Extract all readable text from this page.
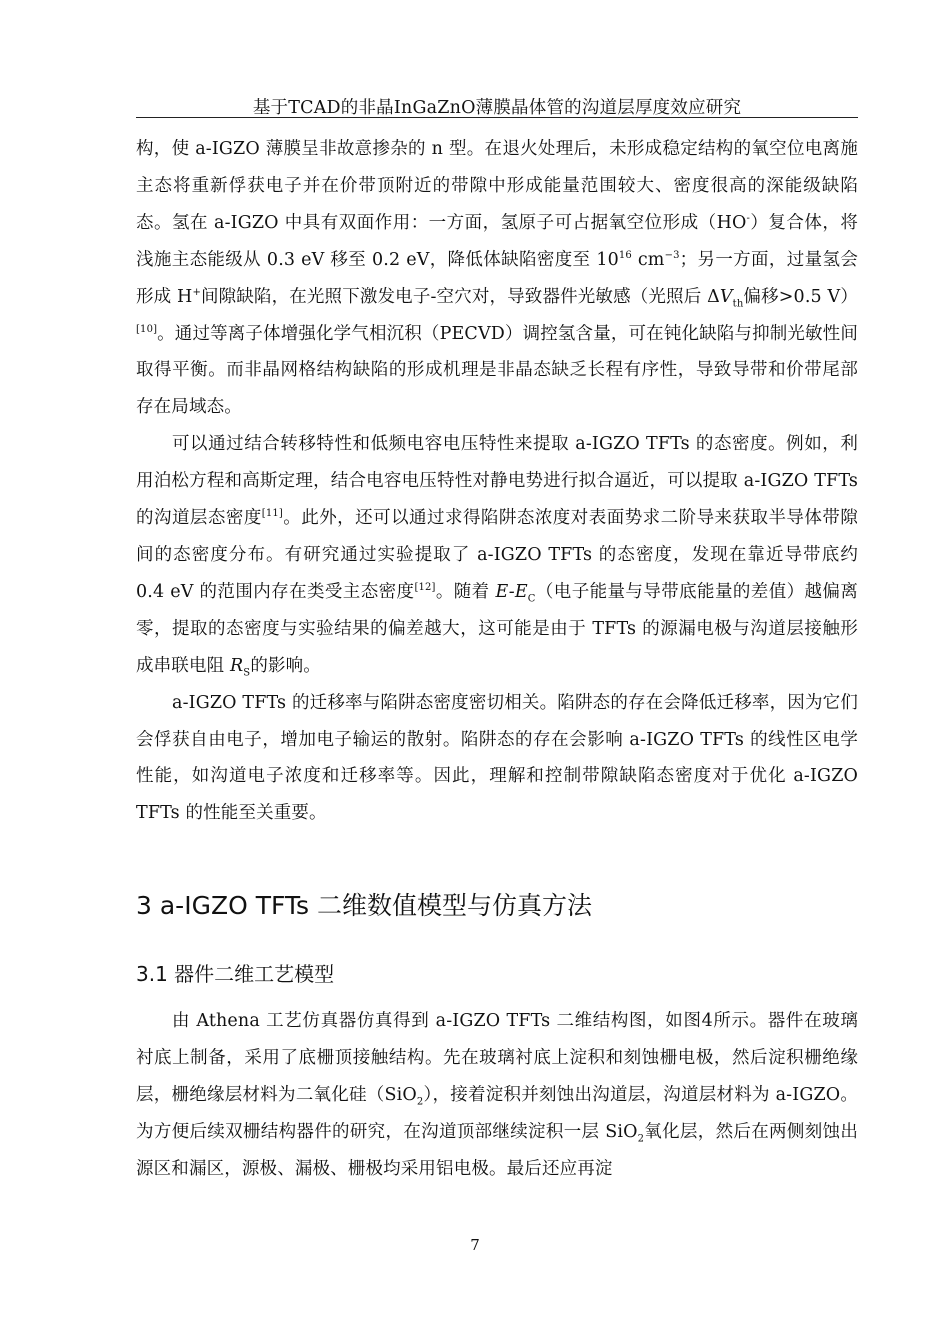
基于TCAD的非晶InGaZnO薄膜晶体管的沟道层厚度效应研究

构，使 a-IGZO 薄膜呈非故意掺杂的 n 型。在退火处理后，未形成稳定结构的氧空位电离施主态将重新俘获电子并在价带顶附近的带隙中形成能量范围较大、密度很高的深能级缺陷态。氢在 a-IGZO 中具有双面作用：一方面，氢原子可占据氧空位形成（HO-）复合体，将浅施主态能级从 0.3 eV 移至 0.2 eV，降低体缺陷密度至 $10^{16}$ $cm^{-3}$；另一方面，过量氢会形成 H+间隙缺陷，在光照下激发电子-空穴对，导致器件光敏感（光照后 $\Delta V_{th}$偏移>0.5 V）[10]。通过等离子体增强化学气相沉积（PECVD）调控氢含量，可在钝化缺陷与抑制光敏性间取得平衡。而非晶网格结构缺陷的形成机理是非晶态缺乏长程有序性，导致导带和价带尾部存在局域态。

可以通过结合转移特性和低频电容电压特性来提取 a-IGZO TFTs 的态密度。例如，利用泊松方程和高斯定理，结合电容电压特性对静电势进行拟合逼近，可以提取 a-IGZO TFTs 的沟道层态密度[11]。此外，还可以通过求得陷阱态浓度对表面势求二阶导来获取半导体带隙间的态密度分布。有研究通过实验提取了 a-IGZO TFTs 的态密度，发现在靠近导带底约 0.4 eV 的范围内存在类受主态密度[12]。随着 $E-E_C$（电子能量与导带底能量的差值）越偏离零，提取的态密度与实验结果的偏差越大，这可能是由于 TFTs 的源漏电极与沟道层接触形成串联电阻 $R_S$的影响。

a-IGZO TFTs 的迁移率与陷阱态密度密切相关。陷阱态的存在会降低迁移率，因为它们会俘获自由电子，增加电子输运的散射。陷阱态的存在会影响 a-IGZO TFTs 的线性区电学性能，如沟道电子浓度和迁移率等。因此，理解和控制带隙缺陷态密度对于优化 a-IGZO TFTs 的性能至关重要。

3 a-IGZO TFTs 二维数值模型与仿真方法
3.1 器件二维工艺模型

由 Athena 工艺仿真器仿真得到 a-IGZO TFTs 二维结构图，如图4所示。器件在玻璃衬底上制备，采用了底栅顶接触结构。先在玻璃衬底上淀积和刻蚀栅电极，然后淀积栅绝缘层，栅绝缘层材料为二氧化硅（SiO$_2$），接着淀积并刻蚀出沟道层，沟道层材料为 a-IGZO。为方便后续双栅结构器件的研究，在沟道顶部继续淀积一层 SiO$_2$氧化层，然后在两侧刻蚀出源区和漏区，源极、漏极、栅极均采用铝电极。最后还应再淀

7
